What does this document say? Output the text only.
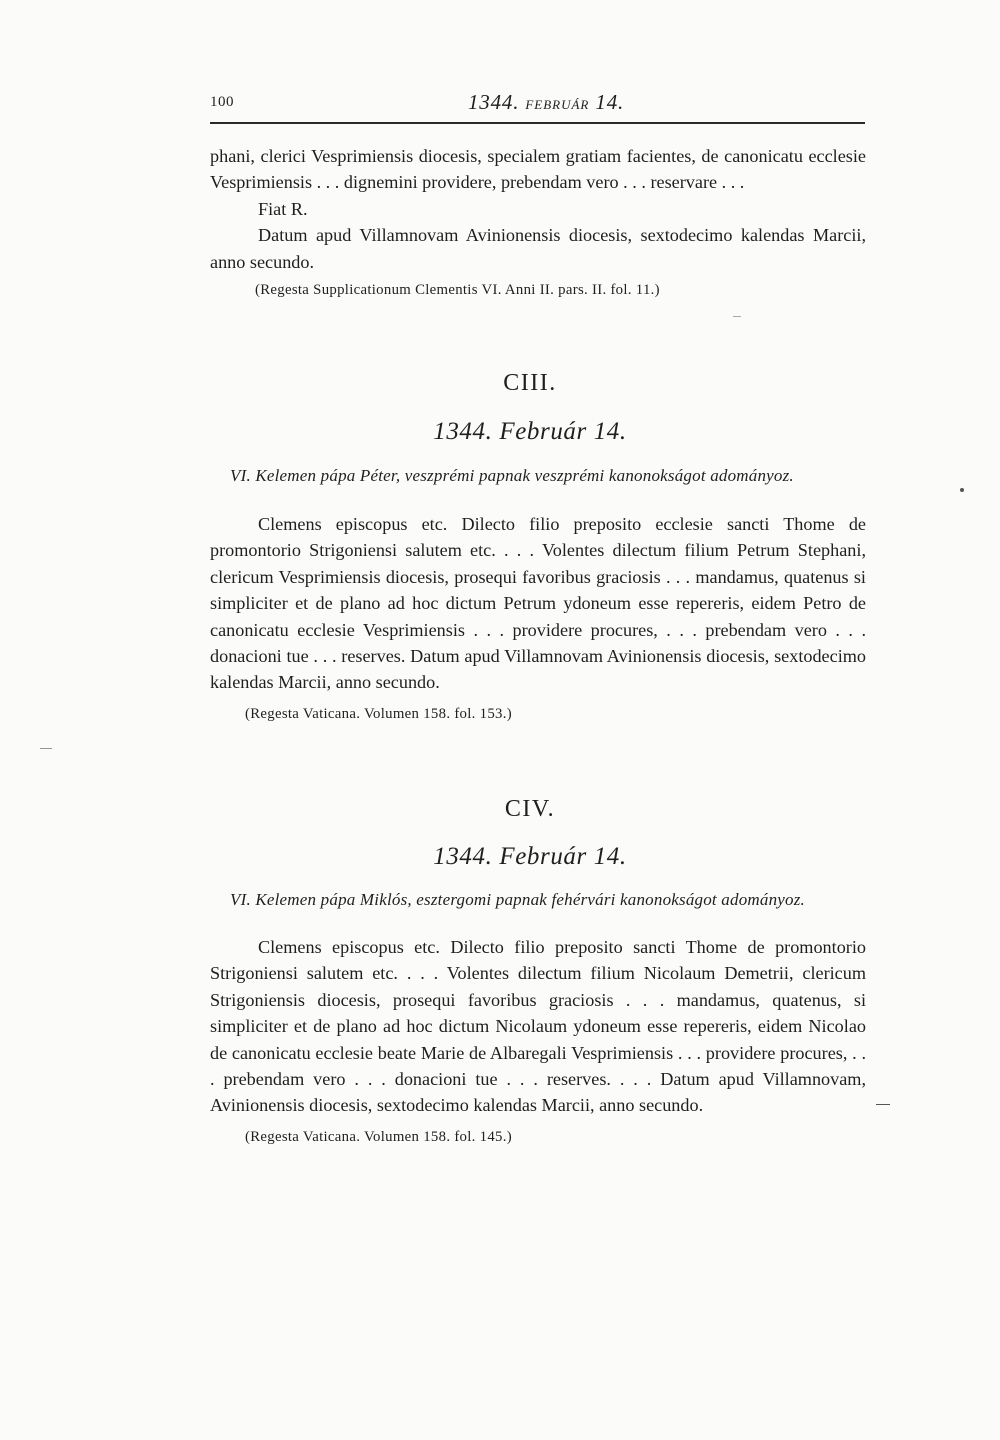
100	1344. FEBRUÁR 14.

phani, clerici Vesprimiensis diocesis, specialem gratiam facientes, de canonicatu ecclesie Vesprimiensis . . . dignemini providere, prebendam vero . . . reservare . . .

Fiat R.

Datum apud Villamnovam Avinionensis diocesis, sextodecimo kalendas Marcii, anno secundo.

(Regesta Supplicationum Clementis VI. Anni II. pars. II. fol. 11.)
CIII.
1344. Február 14.
VI. Kelemen pápa Péter, veszprémi papnak veszprémi kanonokságot adományoz.

Clemens episcopus etc. Dilecto filio preposito ecclesie sancti Thome de promontorio Strigoniensi salutem etc. . . . Volentes dilectum filium Petrum Stephani, clericum Vesprimiensis diocesis, prosequi favoribus graciosis . . . mandamus, quatenus si simpliciter et de plano ad hoc dictum Petrum ydoneum esse repereris, eidem Petro de canonicatu ecclesie Vesprimiensis . . . providere procures, . . . prebendam vero . . . donacioni tue . . . reserves. Datum apud Villamnovam Avinionensis diocesis, sextodecimo kalendas Marcii, anno secundo.

(Regesta Vaticana. Volumen 158. fol. 153.)
CIV.
1344. Február 14.
VI. Kelemen pápa Miklós, esztergomi papnak fehérvári kanonokságot adományoz.

Clemens episcopus etc. Dilecto filio preposito sancti Thome de promontorio Strigoniensi salutem etc. . . . Volentes dilectum filium Nicolaum Demetrii, clericum Strigoniensis diocesis, prosequi favoribus graciosis . . . mandamus, quatenus, si simpliciter et de plano ad hoc dictum Nicolaum ydoneum esse repereris, eidem Nicolao de canonicatu ecclesie beate Marie de Albaregali Vesprimiensis . . . providere procures, . . . prebendam vero . . . donacioni tue . . . reserves. . . . Datum apud Villamnovam, Avinionensis diocesis, sextodecimo kalendas Marcii, anno secundo.

(Regesta Vaticana. Volumen 158. fol. 145.)
